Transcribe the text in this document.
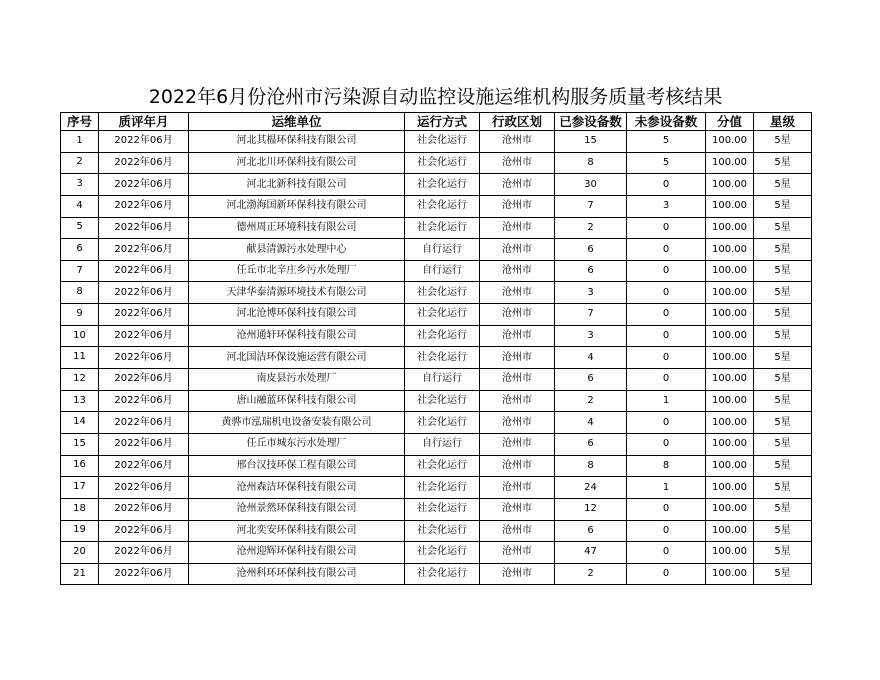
2022年6月份沧州市污染源自动监控设施运维机构服务质量考核结果
序号	质评年月	运维单位	运行方式	行政区划	已参设备数	未参设备数	分值	星级

1	2022年06月	河北其榅环保科技有限公司	社会化运行	沧州市	15	5	100.00	5星

2	2022年06月	河北北川环保科技有限公司	社会化运行	沧州市	8	5	100.00	5星

3	2022年06月	河北北新科技有限公司	社会化运行	沧州市	30	0	100.00	5星

4	2022年06月	河北渤海国新环保科技有限公司	社会化运行	沧州市	7	3	100.00	5星

5	2022年06月	德州周正环境科技有限公司	社会化运行	沧州市	2	0	100.00	5星

6	2022年06月	献县清源污水处理中心	自行运行	沧州市	6	0	100.00	5星

7	2022年06月	任丘市北辛庄乡污水处理厂	自行运行	沧州市	6	0	100.00	5星

8	2022年06月	天津华泰清源环境技术有限公司	社会化运行	沧州市	3	0	100.00	5星

9	2022年06月	河北沧博环保科技有限公司	社会化运行	沧州市	7	0	100.00	5星

10	2022年06月	沧州通轩环保科技有限公司	社会化运行	沧州市	3	0	100.00	5星

11	2022年06月	河北国洁环保设施运营有限公司	社会化运行	沧州市	4	0	100.00	5星

12	2022年06月	南皮县污水处理厂	自行运行	沧州市	6	0	100.00	5星

13	2022年06月	唐山融蓝环保科技有限公司	社会化运行	沧州市	2	1	100.00	5星

14	2022年06月	黄骅市泓瑞机电设备安装有限公司	社会化运行	沧州市	4	0	100.00	5星

15	2022年06月	任丘市城东污水处理厂	自行运行	沧州市	6	0	100.00	5星

16	2022年06月	邢台汉技环保工程有限公司	社会化运行	沧州市	8	8	100.00	5星

17	2022年06月	沧州森洁环保科技有限公司	社会化运行	沧州市	24	1	100.00	5星

18	2022年06月	沧州景然环保科技有限公司	社会化运行	沧州市	12	0	100.00	5星

19	2022年06月	河北奕安环保科技有限公司	社会化运行	沧州市	6	0	100.00	5星

20	2022年06月	沧州迎辉环保科技有限公司	社会化运行	沧州市	47	0	100.00	5星

21	2022年06月	沧州科环环保科技有限公司	社会化运行	沧州市	2	0	100.00	5星
